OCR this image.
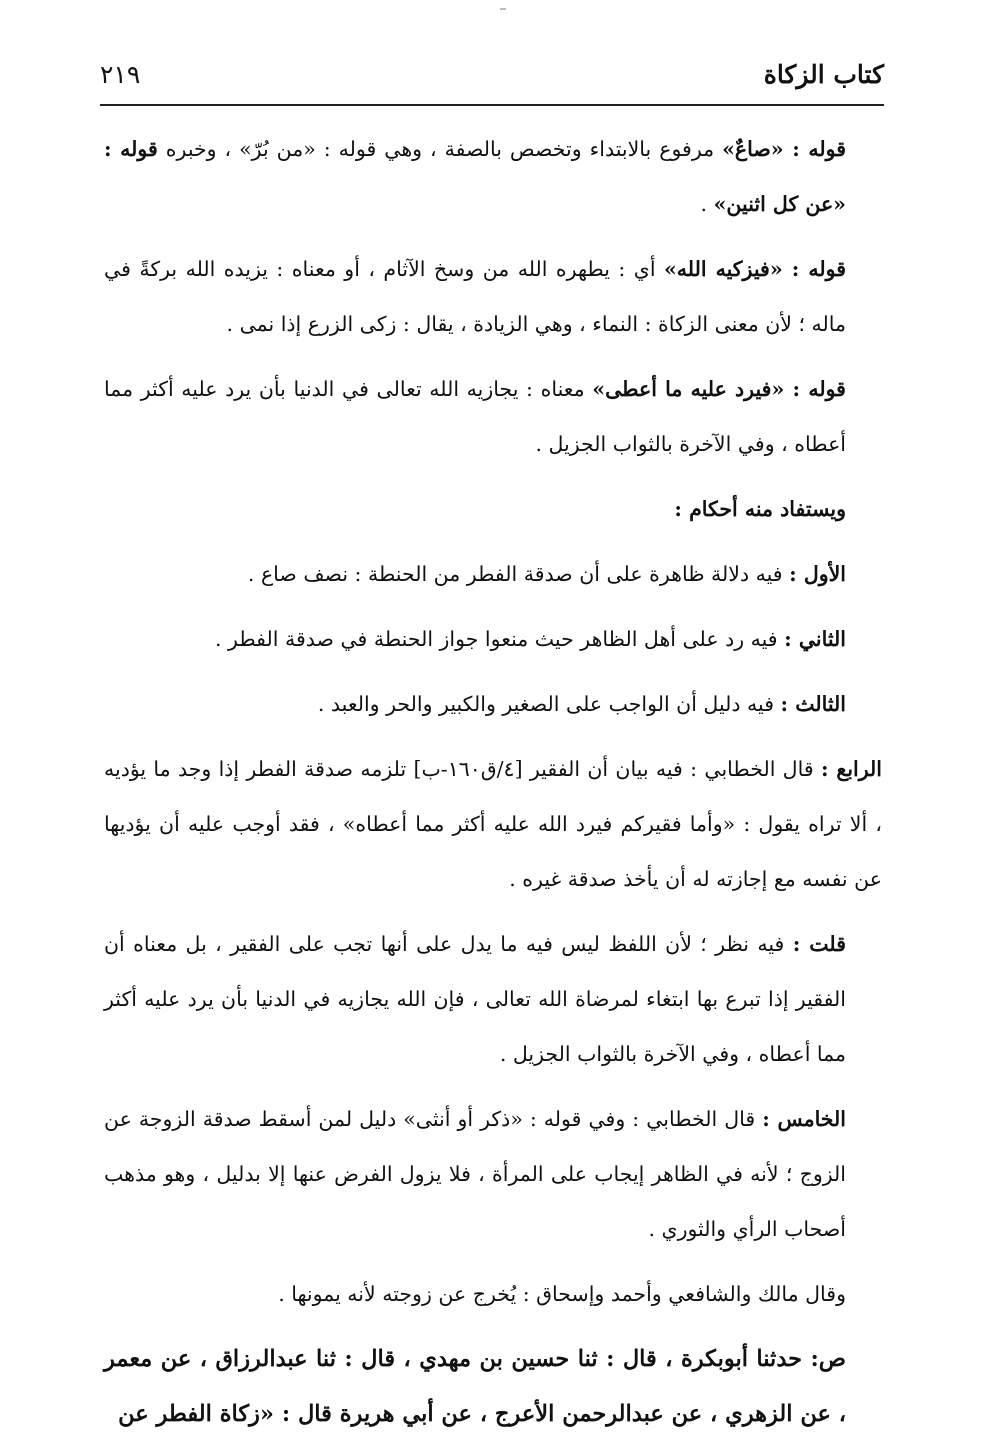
كتاب الزكاة
٢١٩

قوله : «صاعٌ» مرفوع بالابتداء وتخصص بالصفة ، وهي قوله : «من بُرّ» ، وخبره قوله : «عن كل اثنين» .

قوله : «فيزكيه الله» أي : يطهره الله من وسخ الآثام ، أو معناه : يزيده الله بركةً في ماله ؛ لأن معنى الزكاة : النماء ، وهي الزيادة ، يقال : زكى الزرع إذا نمى .

قوله : «فيرد عليه ما أعطى» معناه : يجازيه الله تعالى في الدنيا بأن يرد عليه أكثر مما أعطاه ، وفي الآخرة بالثواب الجزيل .

ويستفاد منه أحكام :

الأول : فيه دلالة ظاهرة على أن صدقة الفطر من الحنطة : نصف صاع .

الثاني : فيه رد على أهل الظاهر حيث منعوا جواز الحنطة في صدقة الفطر .

الثالث : فيه دليل أن الواجب على الصغير والكبير والحر والعبد .

الرابع : قال الخطابي : فيه بيان أن الفقير [٤/ق١٦٠-ب] تلزمه صدقة الفطر إذا وجد ما يؤديه ، ألا تراه يقول : «وأما فقيركم فيرد الله عليه أكثر مما أعطاه» ، فقد أوجب عليه أن يؤديها عن نفسه مع إجازته له أن يأخذ صدقة غيره .

قلت : فيه نظر ؛ لأن اللفظ ليس فيه ما يدل على أنها تجب على الفقير ، بل معناه أن الفقير إذا تبرع بها ابتغاء لمرضاة الله تعالى ، فإن الله يجازيه في الدنيا بأن يرد عليه أكثر مما أعطاه ، وفي الآخرة بالثواب الجزيل .

الخامس : قال الخطابي : وفي قوله : «ذكر أو أنثى» دليل لمن أسقط صدقة الزوجة عن الزوج ؛ لأنه في الظاهر إيجاب على المرأة ، فلا يزول الفرض عنها إلا بدليل ، وهو مذهب أصحاب الرأي والثوري .

وقال مالك والشافعي وأحمد وإسحاق : يُخرج عن زوجته لأنه يمونها .

ص: حدثنا أبوبكرة ، قال : ثنا حسين بن مهدي ، قال : ثنا عبدالرزاق ، عن معمر ، عن الزهري ، عن عبدالرحمن الأعرج ، عن أبي هريرة قال : «زكاة الفطر عن
